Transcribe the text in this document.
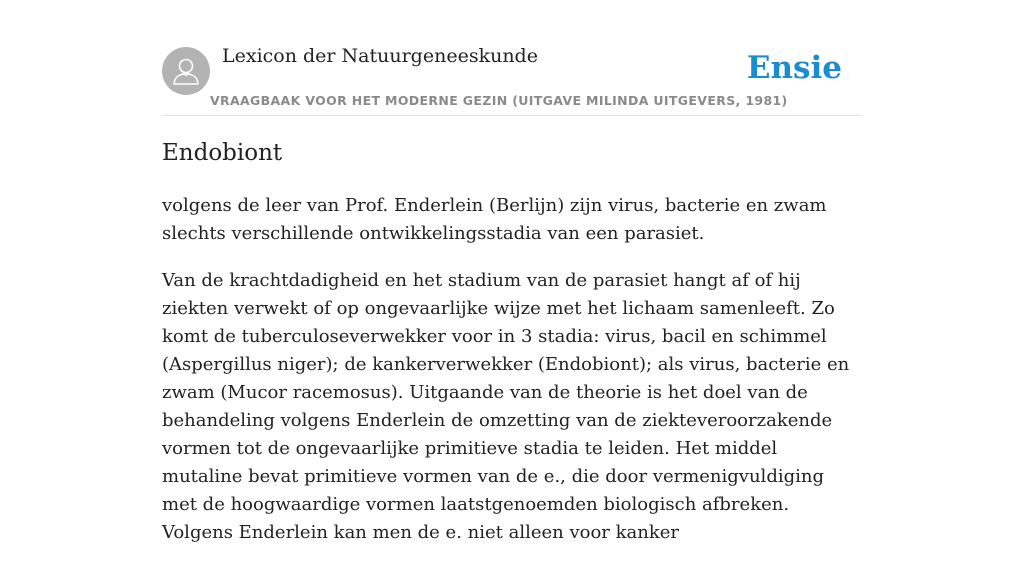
Lexicon der Natuurgeneeskunde
VRAAGBAAK VOOR HET MODERNE GEZIN (UITGAVE MILINDA UITGEVERS, 1981)
Ensie
Endobiont

volgens de leer van Prof. Enderlein (Berlijn) zijn virus, bacterie en zwam slechts verschillende ontwikkelingsstadia van een parasiet.

Van de krachtdadigheid en het stadium van de parasiet hangt af of hij ziekten verwekt of op ongevaarlijke wijze met het lichaam samenleeft. Zo komt de tuberculoseverwekker voor in 3 stadia: virus, bacil en schimmel (Aspergillus niger); de kankerverwekker (Endobiont); als virus, bacterie en zwam (Mucor racemosus). Uitgaande van de theorie is het doel van de behandeling volgens Enderlein de omzetting van de ziekteveroorzakende vormen tot de ongevaarlijke primitieve stadia te leiden. Het middel mutaline bevat primitieve vormen van de e., die door vermenigvuldiging met de hoogwaardige vormen laatstgenoemden biologisch afbreken. Volgens Enderlein kan men de e. niet alleen voor kanker
